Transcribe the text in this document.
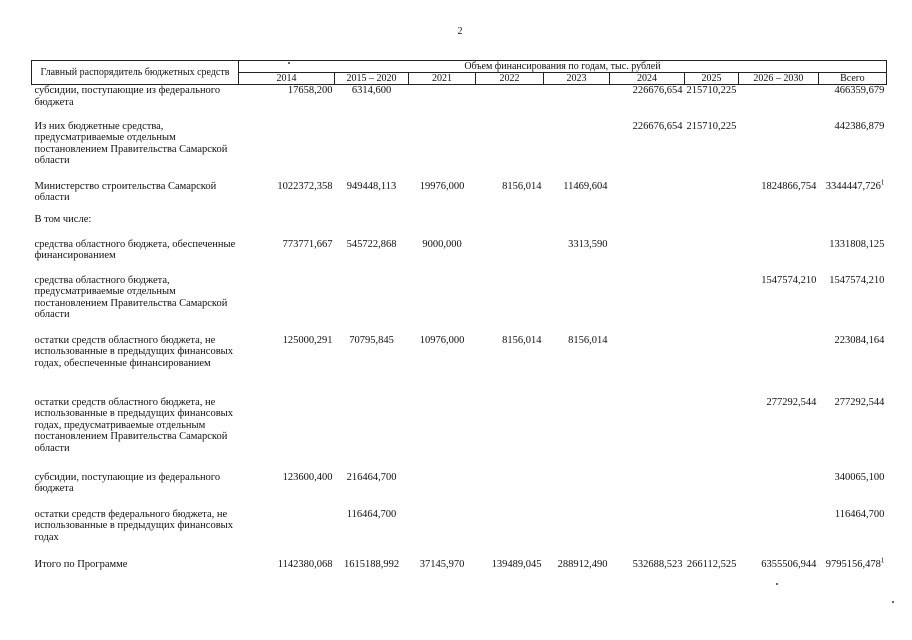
2
Главный распорядитель бюджетных средств	Объем финансирования по годам, тыс. рублей								
	2014	2015 – 2020	2021	2022	2023	2024	2025	2026 – 2030	Всего
субсидии, поступающие из федерального бюджета	17658,200	6314,600				226676,654	215710,225		466359,679
Из них бюджетные средства, предусматриваемые отдельным постановлением Правительства Самарской области						226676,654	215710,225		442386,879
Министерство строительства Самарской области	1022372,358	949448,113	19976,000	8156,014	11469,604			1824866,754	3344447,726$^1$
В том числе:									
средства областного бюджета, обеспеченные финансированием	773771,667	545722,868	9000,000		3313,590				1331808,125
средства областного бюджета, предусматриваемые отдельным постановлением Правительства Самарской области								1547574,210	1547574,210
остатки средств областного бюджета, не использованные в предыдущих финансовых годах, обеспеченные финансированием	125000,291	70795,845	10976,000	8156,014	8156,014				223084,164
остатки средств областного бюджета, не использованные в предыдущих финансовых годах, предусматриваемые отдельным постановлением Правительства Самарской области								277292,544	277292,544
субсидии, поступающие из федерального бюджета	123600,400	216464,700							340065,100
остатки средств федерального бюджета, не использованные в предыдущих финансовых годах		116464,700							116464,700
Итого по Программе	1142380,068	1615188,992	37145,970	139489,045	288912,490	532688,523	266112,525	6355506,944	9795156,478$^1$
